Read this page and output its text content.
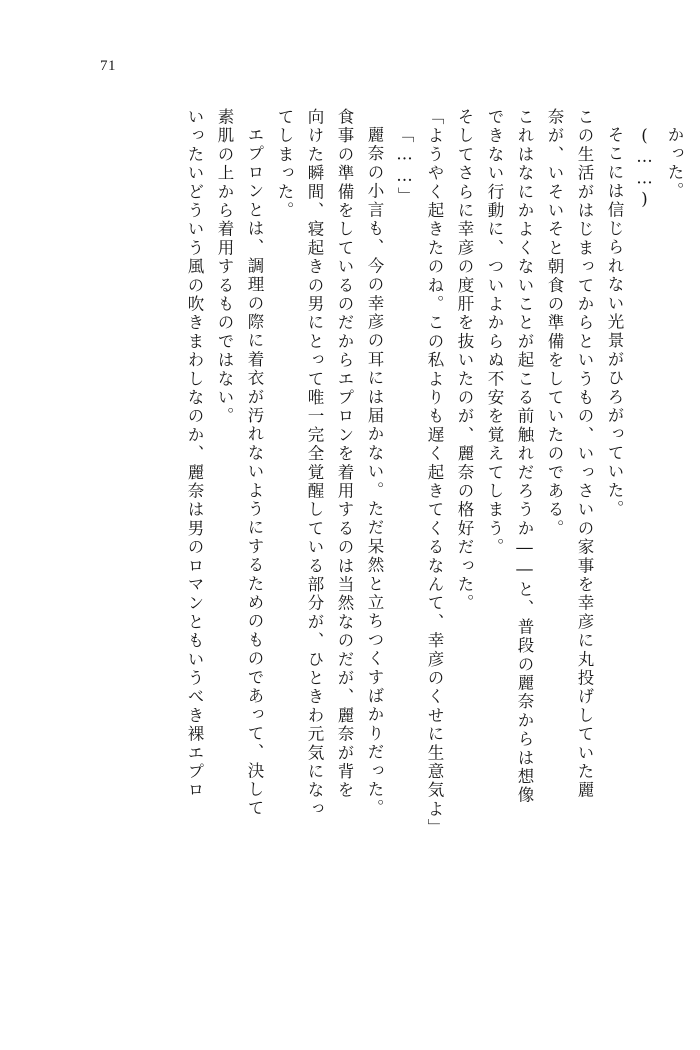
71
そこには信じられない光景がひろがっていた。
この生活がはじまってからというもの、いっさいの家事を幸彦に丸投げしていた麗
奈が、いそいそと朝食の準備をしていたのである。
これはなにかよくないことが起こる前触れだろうか――と、普段の麗奈からは想像
できない行動に、ついよからぬ不安を覚えてしまう。
そしてさらに幸彦の度肝を抜いたのが、麗奈の格好だった。
「ようやく起きたのね。この私よりも遅く起きてくるなんて、幸彦のくせに生意気よ」
「……」
麗奈の小言も、今の幸彦の耳には届かない。ただ呆然と立ちつくすばかりだった。
食事の準備をしているのだからエプロンを着用するのは当然なのだが、麗奈が背を
向けた瞬間、寝起きの男にとって唯一完全覚醒している部分が、ひときわ元気になっ
てしまった。
エプロンとは、調理の際に着衣が汚れないようにするためのものであって、決して
素肌の上から着用するものではない。
いったいどういう風の吹きまわしなのか、麗奈は男のロマンともいうべき裸エプロ	かった。
(……)
